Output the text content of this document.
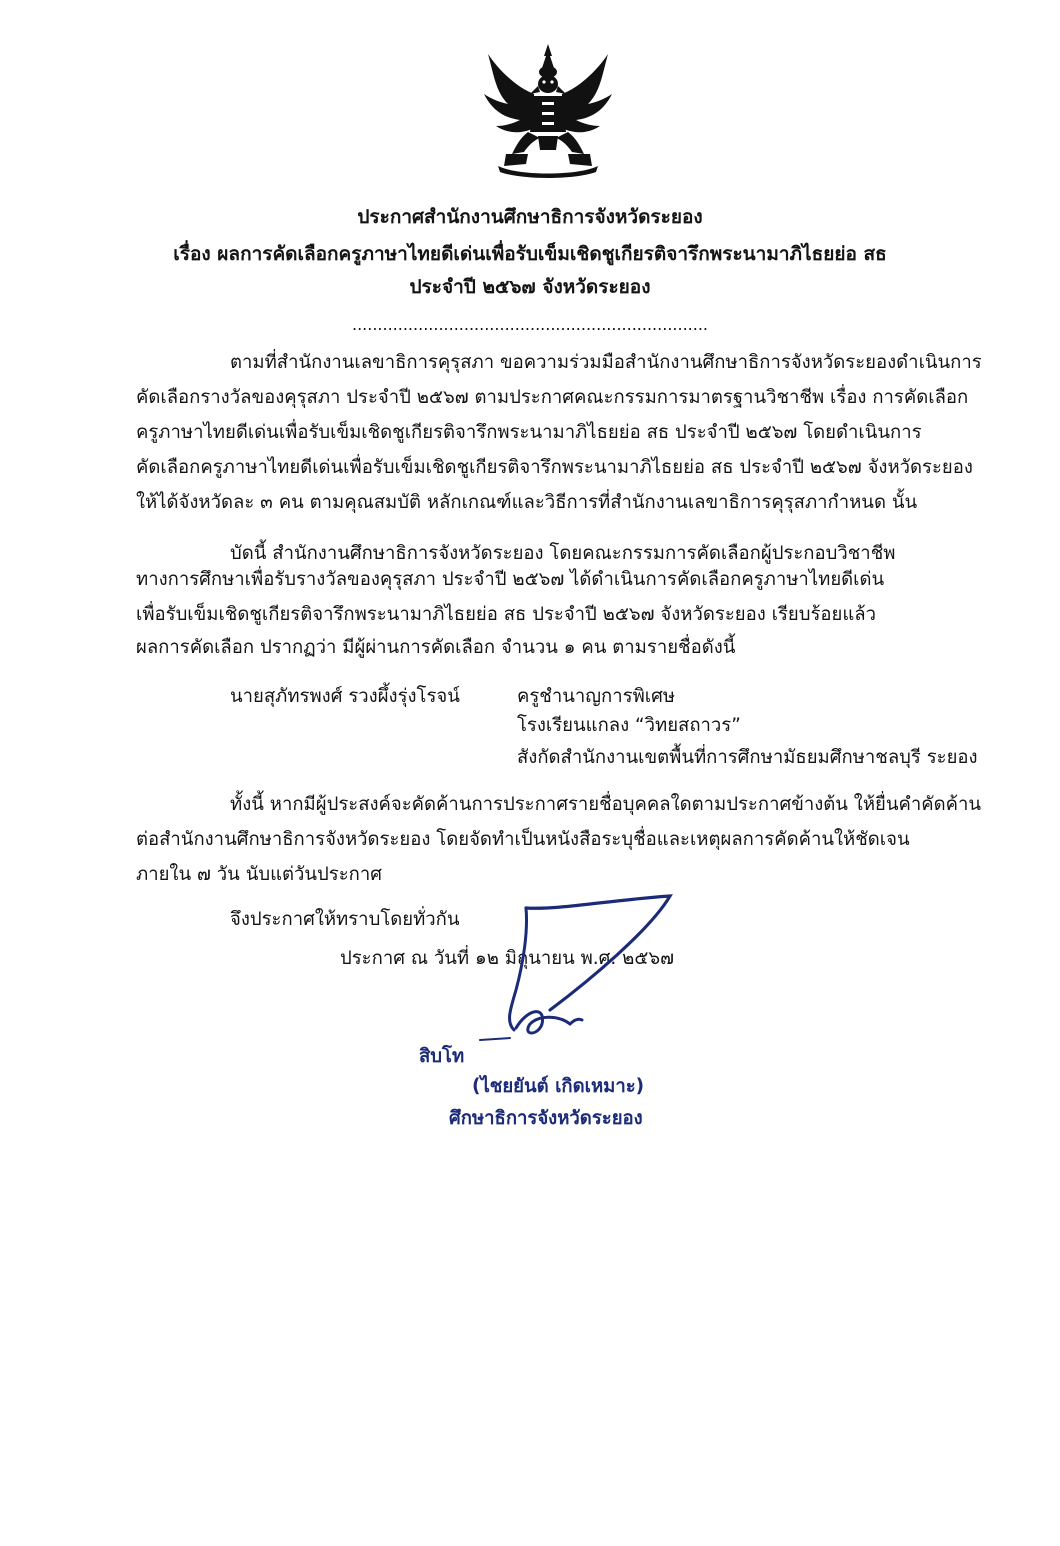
ประกาศสำนักงานศึกษาธิการจังหวัดระยอง
เรื่อง ผลการคัดเลือกครูภาษาไทยดีเด่นเพื่อรับเข็มเชิดชูเกียรติจารึกพระนามาภิไธยย่อ สธ
ประจำปี ๒๕๖๗ จังหวัดระยอง
......................................................................
ตามที่สำนักงานเลขาธิการคุรุสภา ขอความร่วมมือสำนักงานศึกษาธิการจังหวัดระยองดำเนินการ
คัดเลือกรางวัลของคุรุสภา ประจำปี ๒๕๖๗ ตามประกาศคณะกรรมการมาตรฐานวิชาชีพ เรื่อง การคัดเลือก
ครูภาษาไทยดีเด่นเพื่อรับเข็มเชิดชูเกียรติจารึกพระนามาภิไธยย่อ สธ ประจำปี ๒๕๖๗ โดยดำเนินการ
คัดเลือกครูภาษาไทยดีเด่นเพื่อรับเข็มเชิดชูเกียรติจารึกพระนามาภิไธยย่อ สธ ประจำปี ๒๕๖๗ จังหวัดระยอง
ให้ได้จังหวัดละ ๓ คน ตามคุณสมบัติ หลักเกณฑ์และวิธีการที่สำนักงานเลขาธิการคุรุสภากำหนด นั้น
บัดนี้ สำนักงานศึกษาธิการจังหวัดระยอง โดยคณะกรรมการคัดเลือกผู้ประกอบวิชาชีพ
ทางการศึกษาเพื่อรับรางวัลของคุรุสภา ประจำปี ๒๕๖๗ ได้ดำเนินการคัดเลือกครูภาษาไทยดีเด่น
เพื่อรับเข็มเชิดชูเกียรติจารึกพระนามาภิไธยย่อ สธ ประจำปี ๒๕๖๗ จังหวัดระยอง เรียบร้อยแล้ว
ผลการคัดเลือก ปรากฏว่า มีผู้ผ่านการคัดเลือก จำนวน ๑ คน ตามรายชื่อดังนี้
นายสุภัทรพงศ์ รวงผึ้งรุ่งโรจน์	ครูชำนาญการพิเศษ
โรงเรียนแกลง “วิทยสถาวร”
สังกัดสำนักงานเขตพื้นที่การศึกษามัธยมศึกษาชลบุรี ระยอง
ทั้งนี้ หากมีผู้ประสงค์จะคัดค้านการประกาศรายชื่อบุคคลใดตามประกาศข้างต้น ให้ยื่นคำคัดค้าน
ต่อสำนักงานศึกษาธิการจังหวัดระยอง โดยจัดทำเป็นหนังสือระบุชื่อและเหตุผลการคัดค้านให้ชัดเจน
ภายใน ๗ วัน นับแต่วันประกาศ
จึงประกาศให้ทราบโดยทั่วกัน
ประกาศ ณ วันที่ ๑๒ มิถุนายน พ.ศ. ๒๕๖๗
สิบโท
(ไชยยันต์ เกิดเหมาะ)
ศึกษาธิการจังหวัดระยอง
